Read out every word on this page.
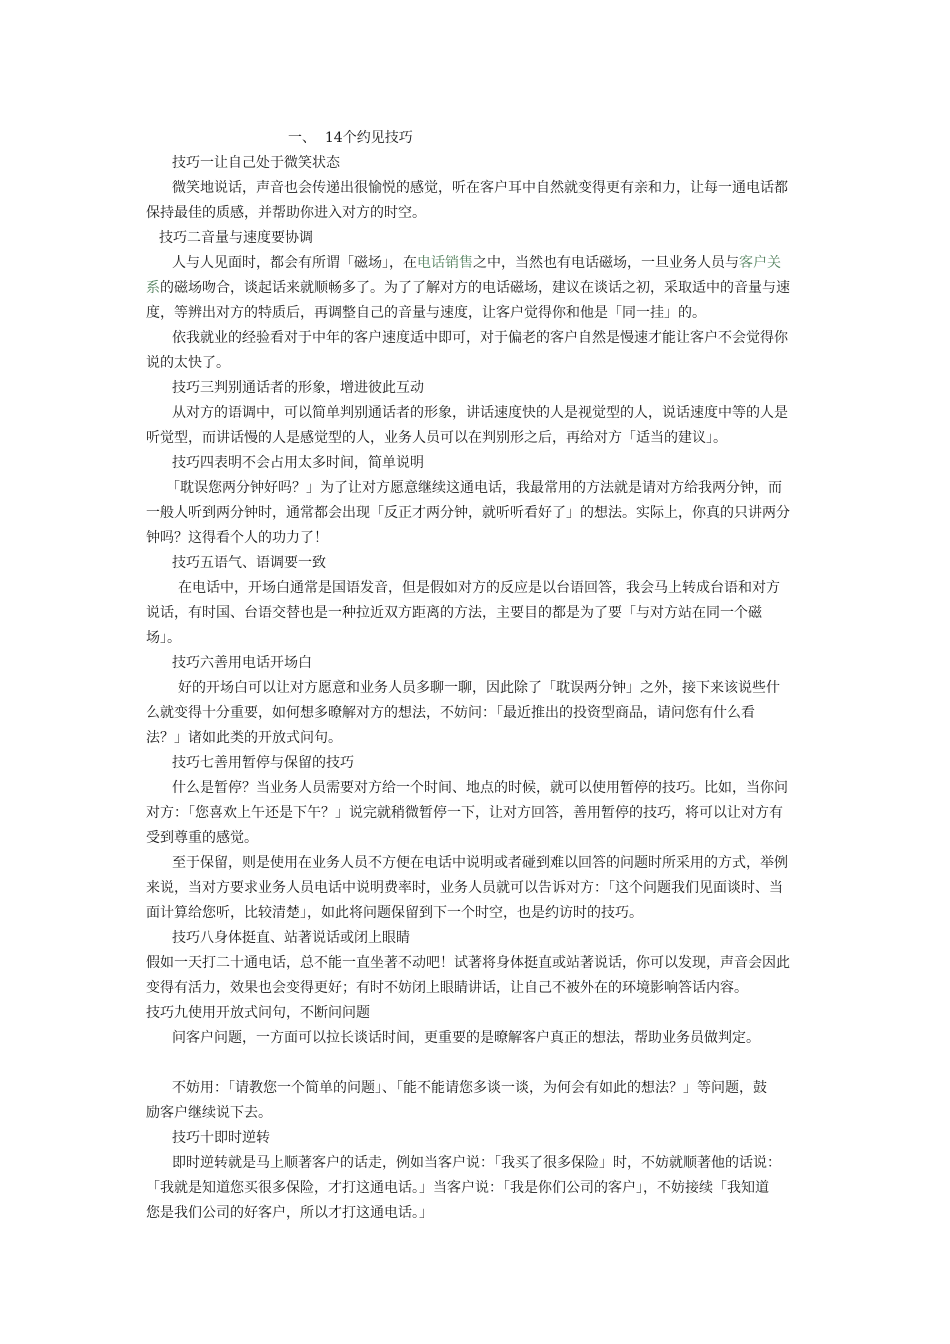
一、  14个约见技巧
技巧一让自己处于微笑状态
微笑地说话，声音也会传递出很愉悦的感觉，听在客户耳中自然就变得更有亲和力，让每一通电话都
保持最佳的质感，并帮助你进入对方的时空。
技巧二音量与速度要协调
人与人见面时，都会有所谓「磁场」，在电话销售之中，当然也有电话磁场，一旦业务人员与客户关
系的磁场吻合，谈起话来就顺畅多了。为了了解对方的电话磁场，建议在谈话之初，采取适中的音量与速
度，等辨出对方的特质后，再调整自己的音量与速度，让客户觉得你和他是「同一挂」的。
依我就业的经验看对于中年的客户速度适中即可，对于偏老的客户自然是慢速才能让客户不会觉得你
说的太快了。
技巧三判别通话者的形象，增进彼此互动
从对方的语调中，可以简单判别通话者的形象，讲话速度快的人是视觉型的人，说话速度中等的人是
听觉型，而讲话慢的人是感觉型的人，业务人员可以在判别形之后，再给对方「适当的建议」。
技巧四表明不会占用太多时间，简单说明
「耽误您两分钟好吗？」为了让对方愿意继续这通电话，我最常用的方法就是请对方给我两分钟，而
一般人听到两分钟时，通常都会出现「反正才两分钟，就听听看好了」的想法。实际上，你真的只讲两分
钟吗？这得看个人的功力了！
技巧五语气、语调要一致
在电话中，开场白通常是国语发音，但是假如对方的反应是以台语回答，我会马上转成台语和对方
说话，有时国、台语交替也是一种拉近双方距离的方法，主要目的都是为了要「与对方站在同一个磁
场」。
技巧六善用电话开场白
好的开场白可以让对方愿意和业务人员多聊一聊，因此除了「耽误两分钟」之外，接下来该说些什
么就变得十分重要，如何想多暸解对方的想法，不妨问：「最近推出的投资型商品，请问您有什么看
法？」诸如此类的开放式问句。
技巧七善用暂停与保留的技巧
什么是暂停？当业务人员需要对方给一个时间、地点的时候，就可以使用暂停的技巧。比如，当你问
对方：「您喜欢上午还是下午？」说完就稍微暂停一下，让对方回答，善用暂停的技巧，将可以让对方有
受到尊重的感觉。
至于保留，则是使用在业务人员不方便在电话中说明或者碰到难以回答的问题时所采用的方式，举例
来说，当对方要求业务人员电话中说明费率时，业务人员就可以告诉对方：「这个问题我们见面谈时、当
面计算给您听，比较清楚」，如此将问题保留到下一个时空，也是约访时的技巧。
技巧八身体挺直、站著说话或闭上眼睛
假如一天打二十通电话，总不能一直坐著不动吧！试著将身体挺直或站著说话，你可以发现，声音会因此
变得有活力，效果也会变得更好；有时不妨闭上眼睛讲话，让自己不被外在的环境影响答话内容。
技巧九使用开放式问句，不断问问题
问客户问题，一方面可以拉长谈话时间，更重要的是暸解客户真正的想法，帮助业务员做判定。
不妨用：「请教您一个简单的问题」、「能不能请您多谈一谈，为何会有如此的想法？」等问题，鼓
励客户继续说下去。
技巧十即时逆转
即时逆转就是马上顺著客户的话走，例如当客户说：「我买了很多保险」时，不妨就顺著他的话说：
「我就是知道您买很多保险，才打这通电话。」当客户说：「我是你们公司的客户」，不妨接续「我知道
您是我们公司的好客户，所以才打这通电话。」
